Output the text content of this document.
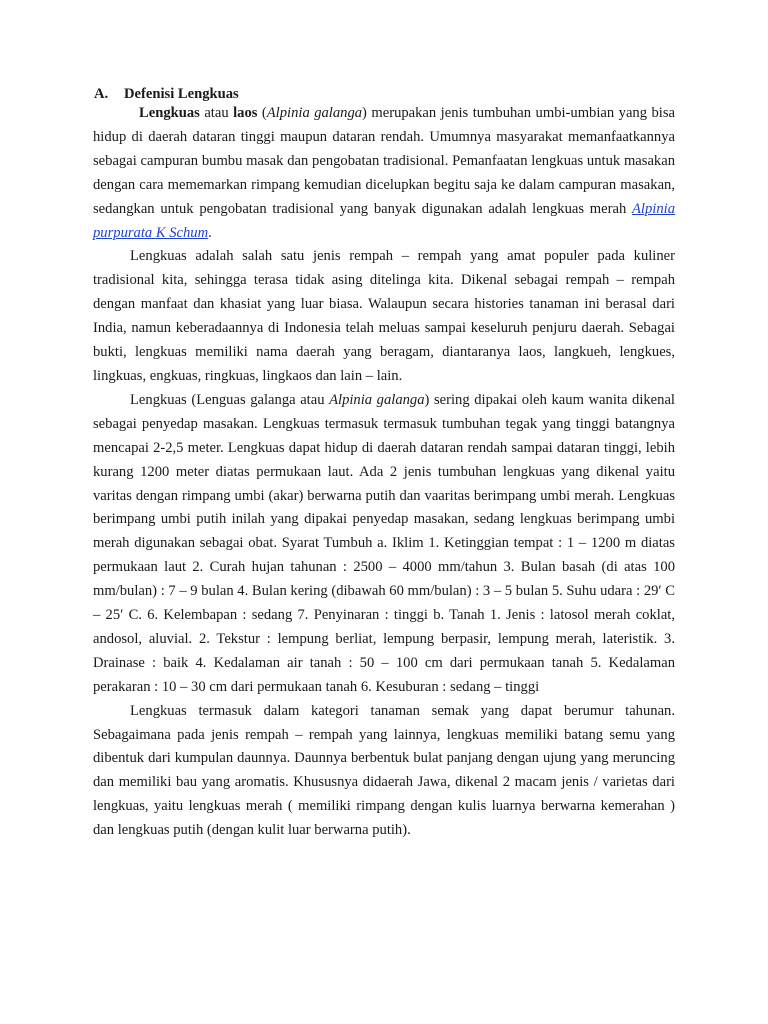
A. Defenisi Lengkuas

Lengkuas atau laos (Alpinia galanga) merupakan jenis tumbuhan umbi-umbian yang bisa hidup di daerah dataran tinggi maupun dataran rendah. Umumnya masyarakat memanfaatkannya sebagai campuran bumbu masak dan pengobatan tradisional. Pemanfaatan lengkuas untuk masakan dengan cara mememarkan rimpang kemudian dicelupkan begitu saja ke dalam campuran masakan, sedangkan untuk pengobatan tradisional yang banyak digunakan adalah lengkuas merah Alpinia purpurata K Schum.

Lengkuas adalah salah satu jenis rempah – rempah yang amat populer pada kuliner tradisional kita, sehingga terasa tidak asing ditelinga kita. Dikenal sebagai rempah – rempah dengan manfaat dan khasiat yang luar biasa. Walaupun secara histories tanaman ini berasal dari India, namun keberadaannya di Indonesia telah meluas sampai keseluruh penjuru daerah. Sebagai bukti, lengkuas memiliki nama daerah yang beragam, diantaranya laos, langkueh, lengkues, lingkuas, engkuas, ringkuas, lingkaos dan lain – lain.

Lengkuas (Lenguas galanga atau Alpinia galanga) sering dipakai oleh kaum wanita dikenal sebagai penyedap masakan. Lengkuas termasuk termasuk tumbuhan tegak yang tinggi batangnya mencapai 2-2,5 meter. Lengkuas dapat hidup di daerah dataran rendah sampai dataran tinggi, lebih kurang 1200 meter diatas permukaan laut. Ada 2 jenis tumbuhan lengkuas yang dikenal yaitu varitas dengan rimpang umbi (akar) berwarna putih dan vaaritas berimpang umbi merah. Lengkuas berimpang umbi putih inilah yang dipakai penyedap masakan, sedang lengkuas berimpang umbi merah digunakan sebagai obat. Syarat Tumbuh a. Iklim 1. Ketinggian tempat : 1 – 1200 m diatas permukaan laut 2. Curah hujan tahunan : 2500 – 4000 mm/tahun 3. Bulan basah (di atas 100 mm/bulan) : 7 – 9 bulan 4. Bulan kering (dibawah 60 mm/bulan) : 3 – 5 bulan 5. Suhu udara : 29′ C – 25′ C. 6. Kelembapan : sedang 7. Penyinaran : tinggi b. Tanah 1. Jenis : latosol merah coklat, andosol, aluvial. 2. Tekstur : lempung berliat, lempung berpasir, lempung merah, lateristik. 3. Drainase : baik 4. Kedalaman air tanah : 50 – 100 cm dari permukaan tanah 5. Kedalaman perakaran : 10 – 30 cm dari permukaan tanah 6. Kesuburan : sedang – tinggi

Lengkuas termasuk dalam kategori tanaman semak yang dapat berumur tahunan. Sebagaimana pada jenis rempah – rempah yang lainnya, lengkuas memiliki batang semu yang dibentuk dari kumpulan daunnya. Daunnya berbentuk bulat panjang dengan ujung yang meruncing dan memiliki bau yang aromatis. Khususnya didaerah Jawa, dikenal 2 macam jenis / varietas dari lengkuas, yaitu lengkuas merah ( memiliki rimpang dengan kulis luarnya berwarna kemerahan ) dan lengkuas putih (dengan kulit luar berwarna putih).
